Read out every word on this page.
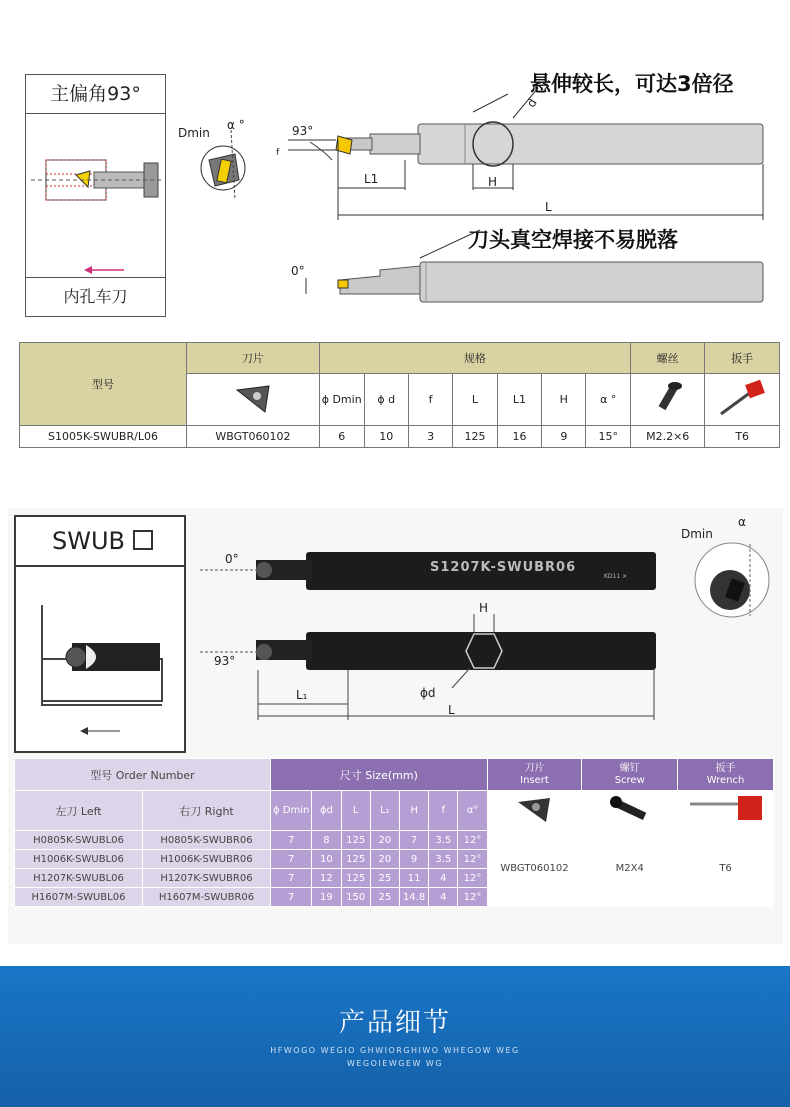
主偏角93°
内孔车刀
Dmin
α °	93°
f
d
L1	H
L
0°
悬伸较长，可达3倍径
刀头真空焊接不易脱落
型号	刀片	规格							螺丝	扳手
	ϕ Dmin	ϕ d	f	L	L1	H	α °		
S1005K-SWUBR/L06	WBGT060102	6	10	3	125	16	9	15°	M2.2×6	T6
SWUB
S1207K-SWUBR06
KD11 ×
0°
93°
H
ϕd
L₁
L
Dmin
α
型号 Order Number		尺寸 Size(mm)							刀片
Insert	螺钉
Screw	扳手
Wrench
左刀 Left	右刀 Right	ϕ Dmin	ϕd	L	L₁	H	f	α°			
H0805K-SWUBL06	H0805K-SWUBR06	7	8	125	20	7	3.5	12°	WBGT060102	M2X4	T6
H1006K-SWUBL06	H1006K-SWUBR06	7	10	125	20	9	3.5	12°			
H1207K-SWUBL06	H1207K-SWUBR06	7	12	125	25	11	4	12°			
H1607M-SWUBL06	H1607M-SWUBR06	7	19	150	25	14.8	4	12°			
产品细节
HFWOGO WEGIO GHWIORGHIWO WHEGOW WEG
WEGOIEWGEW WG
